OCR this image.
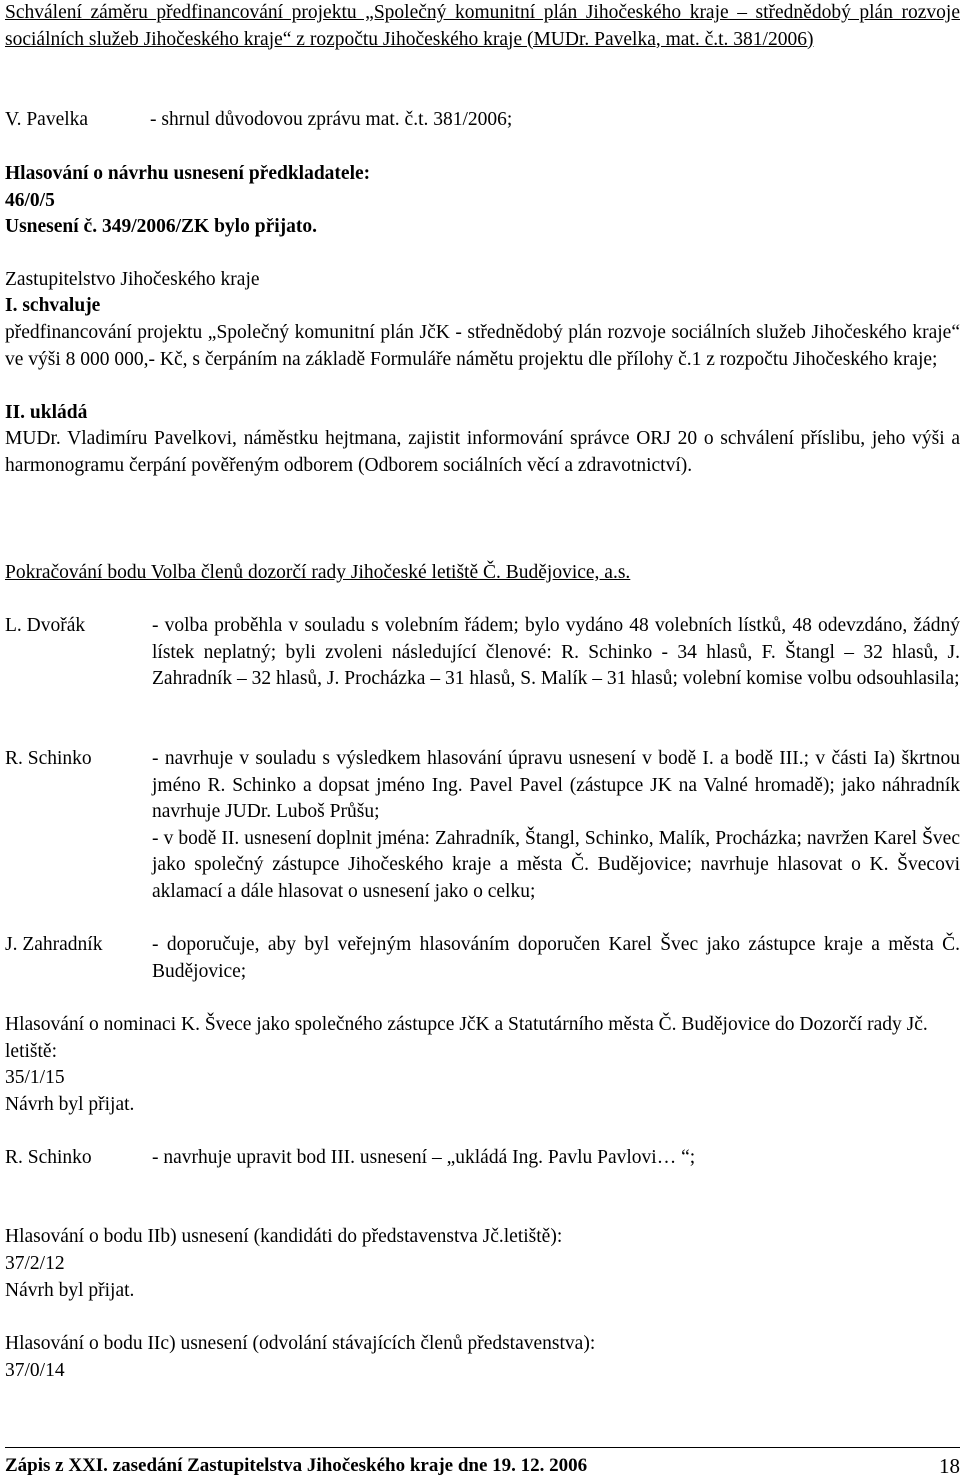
Schválení záměru předfinancování projektu „Společný komunitní plán Jihočeského kraje – střednědobý plán rozvoje sociálních služeb Jihočeského kraje“ z rozpočtu Jihočeského kraje (MUDr. Pavelka, mat. č.t. 381/2006)

V. Pavelka	- shrnul důvodovou zprávu mat. č.t. 381/2006;

Hlasování o návrhu usnesení předkladatele:

46/0/5

Usnesení č. 349/2006/ZK bylo přijato.

Zastupitelstvo Jihočeského kraje

I. schvaluje

předfinancování projektu „Společný komunitní plán JčK - střednědobý plán rozvoje sociálních služeb Jihočeského kraje“ ve výši 8 000 000,- Kč, s čerpáním na základě Formuláře námětu projektu dle přílohy č.1 z rozpočtu Jihočeského kraje;

II. ukládá

MUDr. Vladimíru Pavelkovi, náměstku hejtmana, zajistit informování správce ORJ 20 o schválení příslibu, jeho výši a harmonogramu čerpání pověřeným odborem (Odborem sociálních věcí a zdravotnictví).

Pokračování bodu Volba členů dozorčí rady Jihočeské letiště Č. Budějovice, a.s.

L. Dvořák	- volba proběhla v souladu s volebním řádem; bylo vydáno 48 volebních lístků, 48 odevzdáno, žádný lístek neplatný; byli zvoleni následující členové: R. Schinko - 34 hlasů, F. Štangl – 32 hlasů, J. Zahradník – 32 hlasů, J. Procházka – 31 hlasů, S. Malík – 31 hlasů; volební komise volbu odsouhlasila;

R. Schinko	- navrhuje v souladu s výsledkem hlasování úpravu usnesení v bodě I. a bodě III.; v části Ia) škrtnou jméno R. Schinko a dopsat jméno Ing. Pavel Pavel (zástupce JK na Valné hromadě); jako náhradník navrhuje JUDr. Luboš Průšu;

- v bodě II. usnesení doplnit jména: Zahradník, Štangl, Schinko, Malík, Procházka; navržen Karel Švec jako společný zástupce Jihočeského kraje a města Č. Budějovice; navrhuje hlasovat o K. Švecovi aklamací a dále hlasovat o usnesení jako o celku;

J. Zahradník	- doporučuje, aby byl veřejným hlasováním doporučen Karel Švec jako zástupce kraje a města Č. Budějovice;

Hlasování o nominaci K. Švece jako společného zástupce JčK a Statutárního města Č. Budějovice do Dozorčí rady Jč. letiště:

35/1/15

Návrh byl přijat.

R. Schinko	- navrhuje upravit bod III. usnesení – „ukládá Ing. Pavlu Pavlovi… “;

Hlasování o bodu IIb) usnesení (kandidáti do představenstva Jč.letiště):

37/2/12

Návrh byl přijat.

Hlasování o bodu IIc) usnesení (odvolání stávajících členů představenstva):

37/0/14

Zápis z XXI. zasedání Zastupitelstva Jihočeského kraje dne 19. 12. 2006	18
